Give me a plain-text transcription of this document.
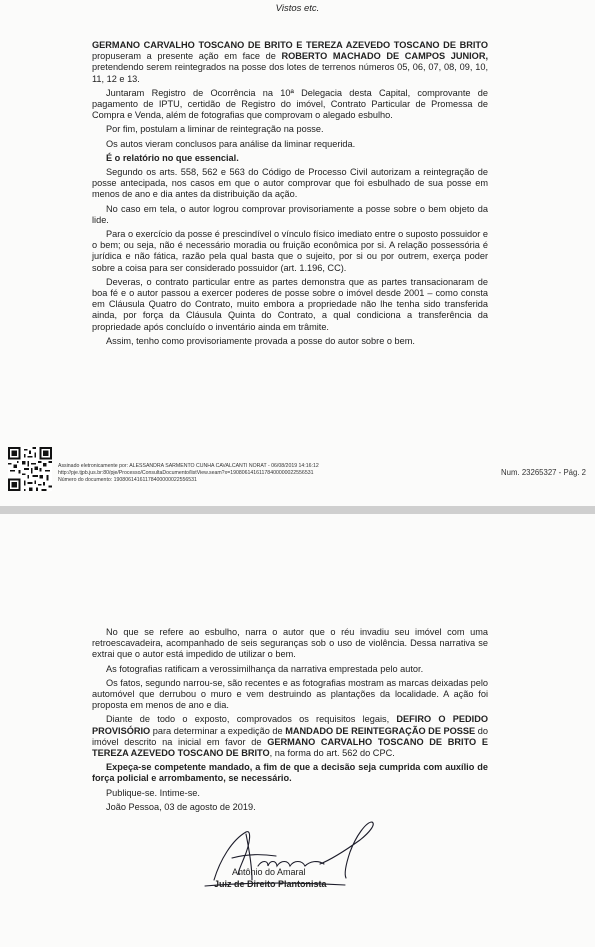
Vistos etc.

GERMANO CARVALHO TOSCANO DE BRITO E TEREZA AZEVEDO TOSCANO DE BRITO propuseram a presente ação em face de ROBERTO MACHADO DE CAMPOS JUNIOR, pretendendo serem reintegrados na posse dos lotes de terrenos números 05, 06, 07, 08, 09, 10, 11, 12 e 13.

Juntaram Registro de Ocorrência na 10ª Delegacia desta Capital, comprovante de pagamento de IPTU, certidão de Registro do imóvel, Contrato Particular de Promessa de Compra e Venda, além de fotografias que comprovam o alegado esbulho.

Por fim, postulam a liminar de reintegração na posse.

Os autos vieram conclusos para análise da liminar requerida.

É o relatório no que essencial.

Segundo os arts. 558, 562 e 563 do Código de Processo Civil autorizam a reintegração de posse antecipada, nos casos em que o autor comprovar que foi esbulhado de sua posse em menos de ano e dia antes da distribuição da ação.

No caso em tela, o autor logrou comprovar provisoriamente a posse sobre o bem objeto da lide.

Para o exercício da posse é prescindível o vínculo físico imediato entre o suposto possuidor e o bem; ou seja, não é necessário moradia ou fruição econômica por si. A relação possessória é jurídica e não fática, razão pela qual basta que o sujeito, por si ou por outrem, exerça poder sobre a coisa para ser considerado possuidor (art. 1.196, CC).

Deveras, o contrato particular entre as partes demonstra que as partes transacionaram de boa fé e o autor passou a exercer poderes de posse sobre o imóvel desde 2001 – como consta em Cláusula Quatro do Contrato, muito embora a propriedade não lhe tenha sido transferida ainda, por força da Cláusula Quinta do Contrato, a qual condiciona a transferência da propriedade após concluído o inventário ainda em trâmite.

Assim, tenho como provisoriamente provada a posse do autor sobre o bem.

Assinado eletronicamente por: ALESSANDRA SARMENTO CUNHA CAVALCANTI NORAT - 06/08/2019 14:16:12
http://pje.tjpb.jus.br:80/pje/Processo/ConsultaDocumento/listView.seam?x=19080614161178400000022556531
Número do documento: 19080614161178400000022556531
Num. 23265327 - Pág. 2

No que se refere ao esbulho, narra o autor que o réu invadiu seu imóvel com uma retroescavadeira, acompanhado de seis seguranças sob o uso de violência. Dessa narrativa se extrai que o autor está impedido de utilizar o bem.

As fotografias ratificam a verossimilhança da narrativa emprestada pelo autor.

Os fatos, segundo narrou-se, são recentes e as fotografias mostram as marcas deixadas pelo automóvel que derrubou o muro e vem destruindo as plantações da localidade. A ação foi proposta em menos de ano e dia.

Diante de todo o exposto, comprovados os requisitos legais, DEFIRO O PEDIDO PROVISÓRIO para determinar a expedição de MANDADO DE REINTEGRAÇÃO DE POSSE do imóvel descrito na inicial em favor de GERMANO CARVALHO TOSCANO DE BRITO E TEREZA AZEVEDO TOSCANO DE BRITO, na forma do art. 562 do CPC.

Expeça-se competente mandado, a fim de que a decisão seja cumprida com auxílio de força policial e arrombamento, se necessário.

Publique-se. Intime-se.

João Pessoa, 03 de agosto de 2019.

Antônio do Amaral
Juiz de Direito Plantonista
